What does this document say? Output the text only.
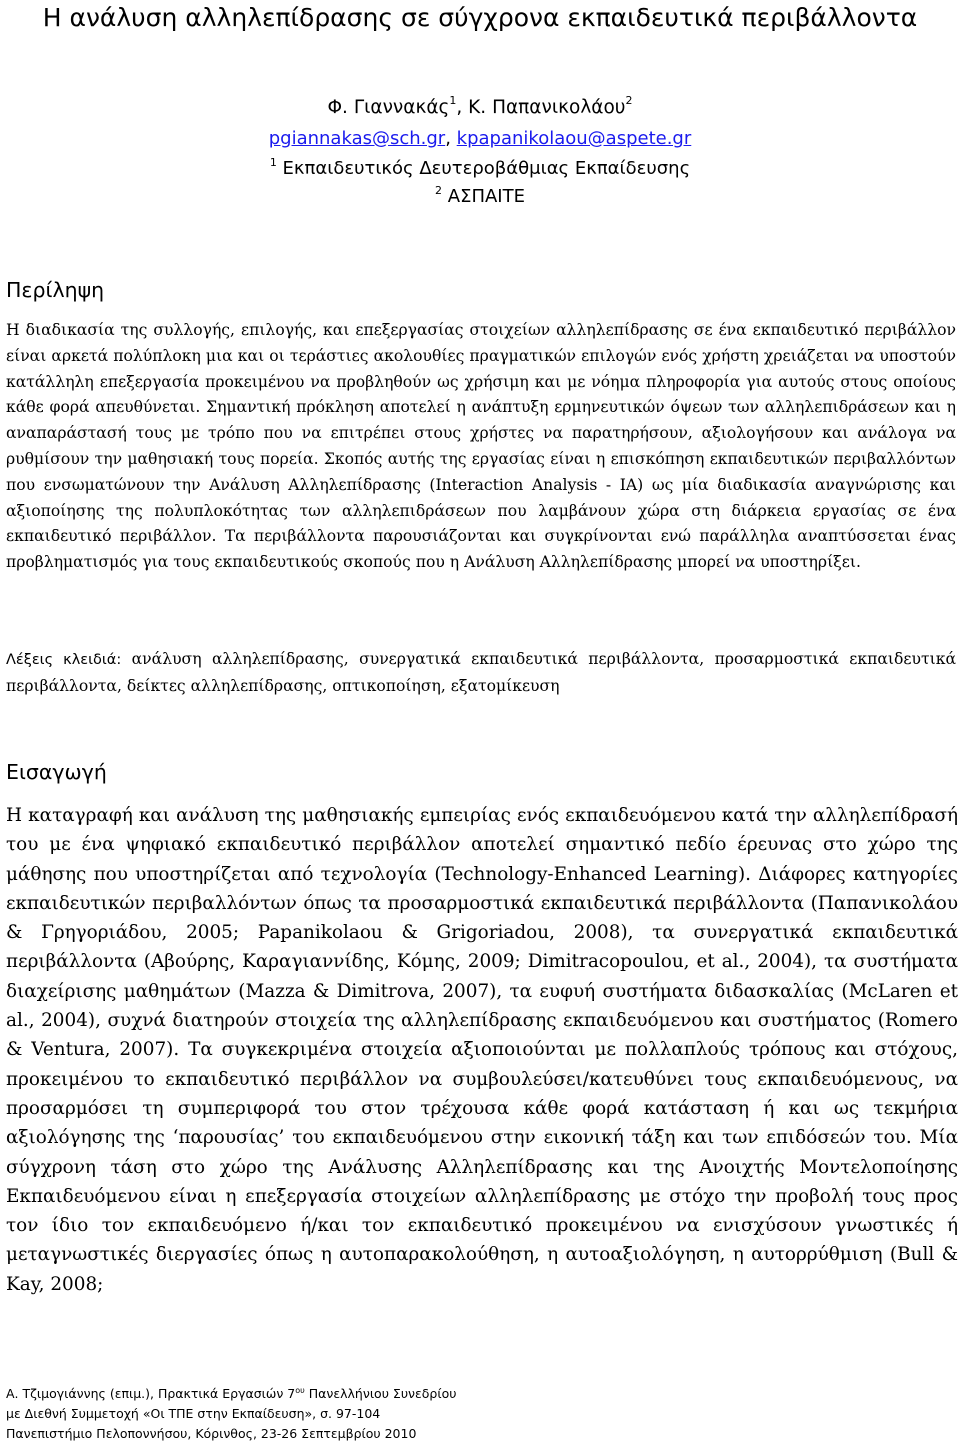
Η ανάλυση αλληλεπίδρασης σε σύγχρονα εκπαιδευτικά περιβάλλοντα
Φ. Γιαννακάς$^1$, Κ. Παπανικολάου$^2$
pgiannakas@sch.gr, kpapanikolaou@aspete.gr
$^1$ Εκπαιδευτικός Δευτεροβάθμιας Εκπαίδευσης
$^2$ ΑΣΠΑΙΤΕ
Περίληψη
Η διαδικασία της συλλογής, επιλογής, και επεξεργασίας στοιχείων αλληλεπίδρασης σε ένα εκπαιδευτικό περιβάλλον είναι αρκετά πολύπλοκη μια και οι τεράστιες ακολουθίες πραγματικών επιλογών ενός χρήστη χρειάζεται να υποστούν κατάλληλη επεξεργασία προκειμένου να προβληθούν ως χρήσιμη και με νόημα πληροφορία για αυτούς στους οποίους κάθε φορά απευθύνεται. Σημαντική πρόκληση αποτελεί η ανάπτυξη ερμηνευτικών όψεων των αλληλεπιδράσεων και η αναπαράστασή τους με τρόπο που να επιτρέπει στους χρήστες να παρατηρήσουν, αξιολογήσουν και ανάλογα να ρυθμίσουν την μαθησιακή τους πορεία. Σκοπός αυτής της εργασίας είναι η επισκόπηση εκπαιδευτικών περιβαλλόντων που ενσωματώνουν την Ανάλυση Αλληλεπίδρασης (Interaction Analysis - IA) ως μία διαδικασία αναγνώρισης και αξιοποίησης της πολυπλοκότητας των αλληλεπιδράσεων που λαμβάνουν χώρα στη διάρκεια εργασίας σε ένα εκπαιδευτικό περιβάλλον. Τα περιβάλλοντα παρουσιάζονται και συγκρίνονται ενώ παράλληλα αναπτύσσεται ένας προβληματισμός για τους εκπαιδευτικούς σκοπούς που η Ανάλυση Αλληλεπίδρασης μπορεί να υποστηρίξει.
Λέξεις κλειδιά: ανάλυση αλληλεπίδρασης, συνεργατικά εκπαιδευτικά περιβάλλοντα, προσαρμοστικά εκπαιδευτικά περιβάλλοντα, δείκτες αλληλεπίδρασης, οπτικοποίηση, εξατομίκευση
Εισαγωγή
Η καταγραφή και ανάλυση της μαθησιακής εμπειρίας ενός εκπαιδευόμενου κατά την αλληλεπίδρασή του με ένα ψηφιακό εκπαιδευτικό περιβάλλον αποτελεί σημαντικό πεδίο έρευνας στο χώρο της μάθησης που υποστηρίζεται από τεχνολογία (Technology-Enhanced Learning). Διάφορες κατηγορίες εκπαιδευτικών περιβαλλόντων όπως τα προσαρμοστικά εκπαιδευτικά περιβάλλοντα (Παπανικολάου & Γρηγοριάδου, 2005; Papanikolaou & Grigoriadou, 2008), τα συνεργατικά εκπαιδευτικά περιβάλλοντα (Αβούρης, Καραγιαννίδης, Κόμης, 2009; Dimitracopoulou, et al., 2004), τα συστήματα διαχείρισης μαθημάτων (Mazza & Dimitrova, 2007), τα ευφυή συστήματα διδασκαλίας (McLaren et al., 2004), συχνά διατηρούν στοιχεία της αλληλεπίδρασης εκπαιδευόμενου και συστήματος (Romero & Ventura, 2007). Τα συγκεκριμένα στοιχεία αξιοποιούνται με πολλαπλούς τρόπους και στόχους, προκειμένου το εκπαιδευτικό περιβάλλον να συμβουλεύσει/κατευθύνει τους εκπαιδευόμενους, να προσαρμόσει τη συμπεριφορά του στον τρέχουσα κάθε φορά κατάσταση ή και ως τεκμήρια αξιολόγησης της ‘παρουσίας’ του εκπαιδευόμενου στην εικονική τάξη και των επιδόσεών του. Μία σύγχρονη τάση στο χώρο της Ανάλυσης Αλληλεπίδρασης και της Ανοιχτής Μοντελοποίησης Εκπαιδευόμενου είναι η επεξεργασία στοιχείων αλληλεπίδρασης με στόχο την προβολή τους προς τον ίδιο τον εκπαιδευόμενο ή/και τον εκπαιδευτικό προκειμένου να ενισχύσουν γνωστικές ή μεταγνωστικές διεργασίες όπως η αυτοπαρακολούθηση, η αυτοαξιολόγηση, η αυτορρύθμιση (Bull & Kay, 2008;
Α. Τζιμογιάννης (επιμ.), Πρακτικά Εργασιών $7^{o\upsilon}$ Πανελλήνιου Συνεδρίου
με Διεθνή Συμμετοχή «Οι ΤΠΕ στην Εκπαίδευση», σ. 97-104
Πανεπιστήμιο Πελοποννήσου, Κόρινθος, 23-26 Σεπτεμβρίου 2010
